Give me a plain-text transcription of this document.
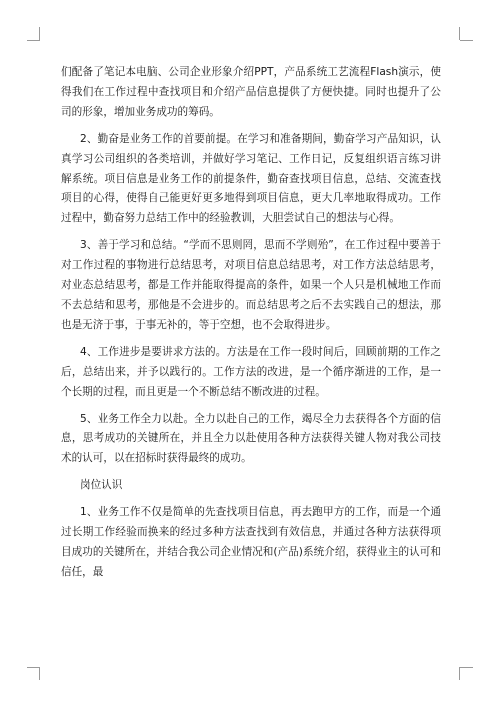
们配备了笔记本电脑、公司企业形象介绍PPT，产品系统工艺流程Flash演示，使得我们在工作过程中查找项目和介绍产品信息提供了方便快捷。同时也提升了公司的形象，增加业务成功的筹码。

2、勤奋是业务工作的首要前提。在学习和准备期间，勤奋学习产品知识，认真学习公司组织的各类培训，并做好学习笔记、工作日记，反复组织语言练习讲解系统。项目信息是业务工作的前提条件，勤奋查找项目信息，总结、交流查找项目的心得，使得自己能更好更多地得到项目信息，更大几率地取得成功。工作过程中，勤奋努力总结工作中的经验教训，大胆尝试自己的想法与心得。

3、善于学习和总结。“学而不思则罔，思而不学则殆”，在工作过程中要善于对工作过程的事物进行总结思考，对项目信息总结思考，对工作方法总结思考，对业态总结思考，都是工作并能取得提高的条件，如果一个人只是机械地工作而不去总结和思考，那他是不会进步的。而总结思考之后不去实践自己的想法，那也是无济于事，于事无补的，等于空想，也不会取得进步。

4、工作进步是要讲求方法的。方法是在工作一段时间后，回顾前期的工作之后，总结出来，并予以践行的。工作方法的改进，是一个循序渐进的工作，是一个长期的过程，而且更是一个不断总结不断改进的过程。

5、业务工作全力以赴。全力以赴自己的工作，竭尽全力去获得各个方面的信息，思考成功的关键所在，并且全力以赴使用各种方法获得关键人物对我公司技术的认可，以在招标时获得最终的成功。

岗位认识

1、业务工作不仅是简单的先查找项目信息，再去跑甲方的工作，而是一个通过长期工作经验而换来的经过多种方法查找到有效信息，并通过各种方法获得项目成功的关键所在，并结合我公司企业情况和(产品)系统介绍，获得业主的认可和信任，最
